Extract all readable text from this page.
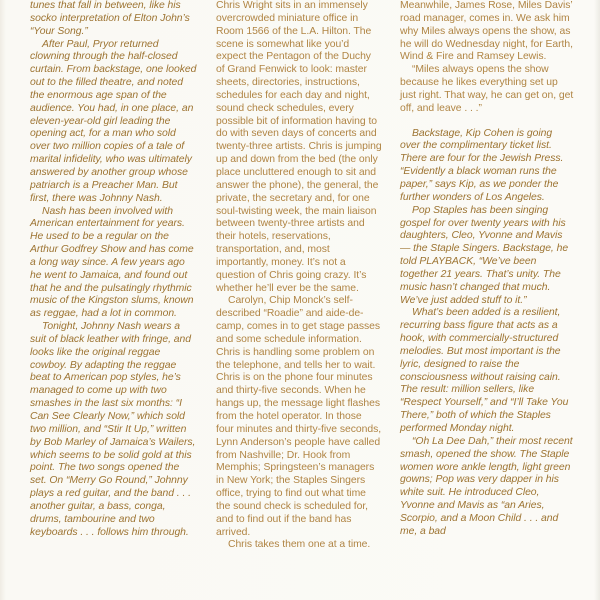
tunes that fall in between, like his socko interpretation of Elton John’s “Your Song.”

After Paul, Pryor returned clowning through the half-closed curtain. From backstage, one looked out to the filled theatre, and noted the enormous age span of the audience. You had, in one place, an eleven-year-old girl leading the opening act, for a man who sold over two million copies of a tale of marital infidelity, who was ultimately answered by another group whose patriarch is a Preacher Man. But first, there was Johnny Nash.

Nash has been involved with American entertainment for years. He used to be a regular on the Arthur Godfrey Show and has come a long way since. A few years ago he went to Jamaica, and found out that he and the pulsatingly rhythmic music of the Kingston slums, known as reggae, had a lot in common.

Tonight, Johnny Nash wears a suit of black leather with fringe, and looks like the original reggae cowboy. By adapting the reggae beat to American pop styles, he’s managed to come up with two smashes in the last six months: “I Can See Clearly Now,” which sold two million, and “Stir It Up,” written by Bob Marley of Jamaica’s Wailers, which seems to be solid gold at this point. The two songs opened the set. On “Merry Go Round,” Johnny plays a red guitar, and the band . . . another guitar, a bass, conga, drums, tambourine and two keyboards . . . follows him through.

Chris Wright sits in an immensely overcrowded miniature office in Room 1566 of the L.A. Hilton. The scene is somewhat like you’d expect the Pentagon of the Duchy of Grand Fenwick to look: master sheets, directories, instructions, schedules for each day and night, sound check schedules, every possible bit of information having to do with seven days of concerts and twenty-three artists. Chris is jumping up and down from the bed (the only place uncluttered enough to sit and answer the phone), the general, the private, the secretary and, for one soul-twisting week, the main liaison between twenty-three artists and their hotels, reservations, transportation, and, most importantly, money. It’s not a question of Chris going crazy. It’s whether he’ll ever be the same.

Carolyn, Chip Monck’s self-described “Roadie” and aide-de-camp, comes in to get stage passes and some schedule information. Chris is handling some problem on the telephone, and tells her to wait. Chris is on the phone four minutes and thirty-five seconds. When he hangs up, the message light flashes from the hotel operator. In those four minutes and thirty-five seconds, Lynn Anderson’s people have called from Nashville; Dr. Hook from Memphis; Springsteen’s managers in New York; the Staples Singers office, trying to find out what time the sound check is scheduled for, and to find out if the band has arrived.

Chris takes them one at a time.

Meanwhile, James Rose, Miles Davis’ road manager, comes in. We ask him why Miles always opens the show, as he will do Wednesday night, for Earth, Wind & Fire and Ramsey Lewis.

“Miles always opens the show because he likes everything set up just right. That way, he can get on, get off, and leave . . .”

Backstage, Kip Cohen is going over the complimentary ticket list. There are four for the Jewish Press. “Evidently a black woman runs the paper,” says Kip, as we ponder the further wonders of Los Angeles.

Pop Staples has been singing gospel for over twenty years with his daughters, Cleo, Yvonne and Mavis — the Staple Singers. Backstage, he told PLAYBACK, “We’ve been together 21 years. That’s unity. The music hasn’t changed that much. We’ve just added stuff to it.”

What’s been added is a resilient, recurring bass figure that acts as a hook, with commercially-structured melodies. But most important is the lyric, designed to raise the consciousness without raising cain. The result: million sellers, like “Respect Yourself,” and “I’ll Take You There,” both of which the Staples performed Monday night.

“Oh La Dee Dah,” their most recent smash, opened the show. The Staple women wore ankle length, light green gowns; Pop was very dapper in his white suit. He introduced Cleo, Yvonne and Mavis as “an Aries, Scorpio, and a Moon Child . . . and me, a bad
